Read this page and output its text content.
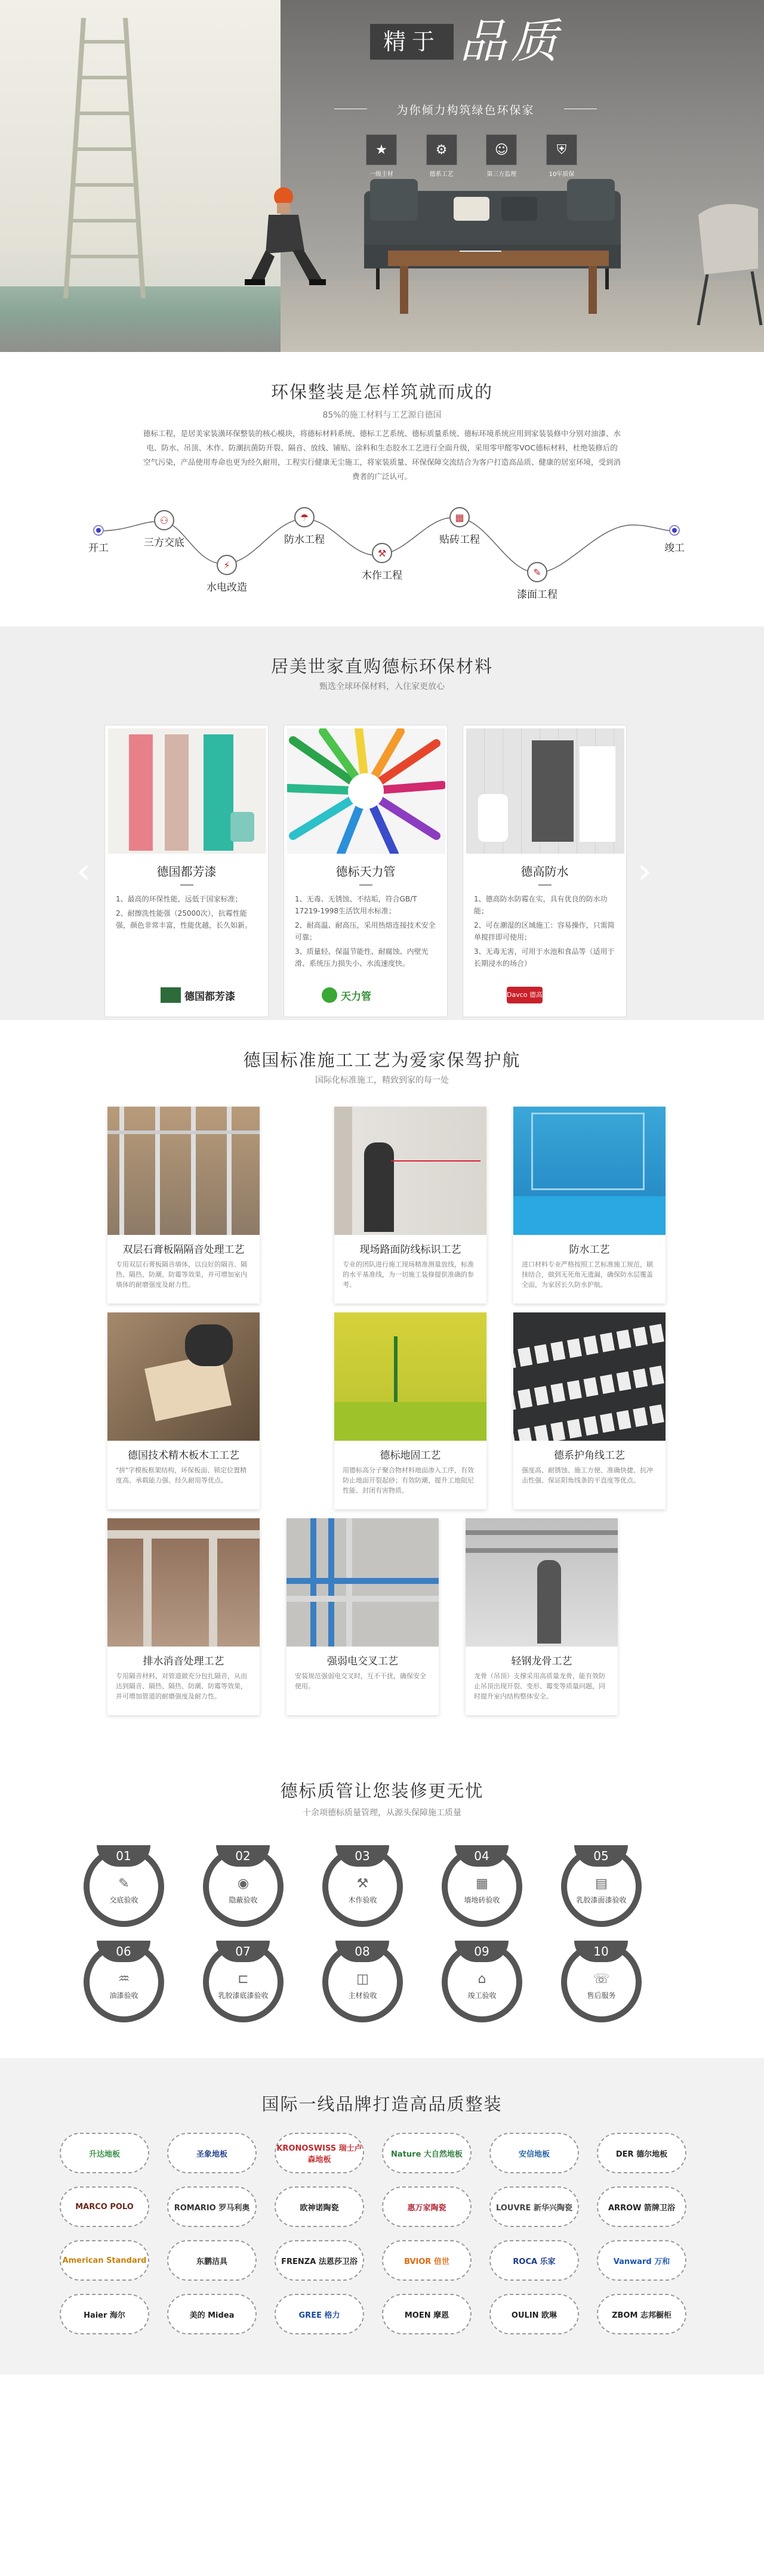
精于 品质
为你倾力构筑绿色环保家
★
一级主材
⚙
德系工艺
☺
第三方监理
⛨
10年质保
环保整装是怎样筑就而成的
85%的施工材料与工艺源自德国
德标工程，是居美家装潢环保整装的核心模块，将德标材料系统、德标工艺系统、德标质量系统、德标环境系统应用到家装装修中分别对油漆、水电、防水、吊顶、木作、防潮抗菌防开裂、隔音、放线、铺贴、涂料和生态胶水工艺进行全面升级，采用零甲醛零VOC德标材料，杜绝装修后的空气污染，产品使用寿命也更为经久耐用，工程实行健康无尘施工，将家装质量、环保保障交流结合为客户打造高品质、健康的居室环境，受到消费者的广泛认可。
开工
⚇
三方交底
⚡
水电改造
☂
防水工程
⚒
木作工程
▦
贴砖工程
✎
漆面工程
竣工
居美世家直购德标环保材料
甄选全球环保材料，入住家更放心
‹	›
德国都芳漆
1、最高的环保性能，远低于国家标准；
2、耐擦洗性能强（25000次），抗霉性能强，颜色非常丰富，性能优越，长久如新。
德国都芳漆
德标天力管
1、无毒、无锈蚀、不结垢，符合GB/T 17219-1998生活饮用水标准；
2、耐高温、耐高压，采用热熔连接技术安全可靠；
3、质量轻、保温节能性、耐腐蚀、内壁光滑、系统压力损失小、水流速度快。
天力管
德高防水
1、德高防水防霉在实，具有优良的防水功能；
2、可在潮湿的区域施工：容易操作，只需简单搅拌即可使用；
3、无毒无害，可用于水池和食品等（适用于长期浸水的场合）
Davco 德高
德国标准施工工艺为爱家保驾护航
国际化标准施工，精致到家的每一处
双层石膏板隔隔音处理工艺
专用双层石膏板隔音墙体，以良好的隔音、隔热、隔热、防潮、防霉等效果，并可增加室内墙体的耐磨强度及耐力性。
现场路面防线标识工艺
专业的团队进行施工现场精准测量放线，标准的水平基准线，为一切施工装修提供准确的参考。
防水工艺
进口材料专业严格按照工艺标准施工规范，刷抹结合，做到无死角无遗漏，确保防水层覆盖全面，为家居长久防水护航。
德国技术精木板木工工艺
"拼"字模板框架结构，环保板面、锁定位置精度高、承载能力强、经久耐用等优点。
德标地固工艺
用德标高分子聚合物材料地面渗入工序，有效防止地面开裂起砂；有效防潮、提升工地阻尼性能、封闭有害物质。
德系护角线工艺
强度高、耐锈蚀、施工方便、准确快捷、抗冲击性强、保证阳角线条的平直度等优点。
排水消音处理工艺
专用隔音材料，对管道做充分包扎隔音，从而达到隔音、隔热、隔热、防潮、防霉等效果，并可增加管道的耐磨强度及耐力性。
强弱电交叉工艺
安装规范强弱电交叉时，互不干扰，确保安全使用。
轻钢龙骨工艺
龙骨（吊顶）支撑采用高质量龙骨，能有效防止吊顶出现开裂、变形、霉变等质量问题，同时提升室内结构整体安全。
德标质管让您装修更无忧
十余项德标质量管理，从源头保障施工质量
01
✎
交底验收
02
◉
隐蔽验收
03
⚒
木作验收
04
▦
墙地砖验收
05
▤
乳胶漆面漆验收
06
♒
油漆验收
07
⊏
乳胶漆底漆验收
08
◫
主材验收
09
⌂
竣工验收
10
☏
售后服务
国际一线品牌打造高品质整装
升达地板	圣象地板
KRONOSWISS 瑞士卢森地板
Nature 大自然地板	安信地板	DER 德尔地板
MARCO POLO	ROMARIO 罗马利奥	欧神诺陶瓷	惠万家陶瓷	LOUVRE 新华兴陶瓷	ARROW 箭牌卫浴
American Standard	东鹏洁具	FRENZA 法恩莎卫浴	BVIOR 倍世	ROCA 乐家	Vanward 万和
Haier 海尔	美的 Midea	GREE 格力	MOEN 摩恩	OULIN 欧琳	ZBOM 志邦橱柜
